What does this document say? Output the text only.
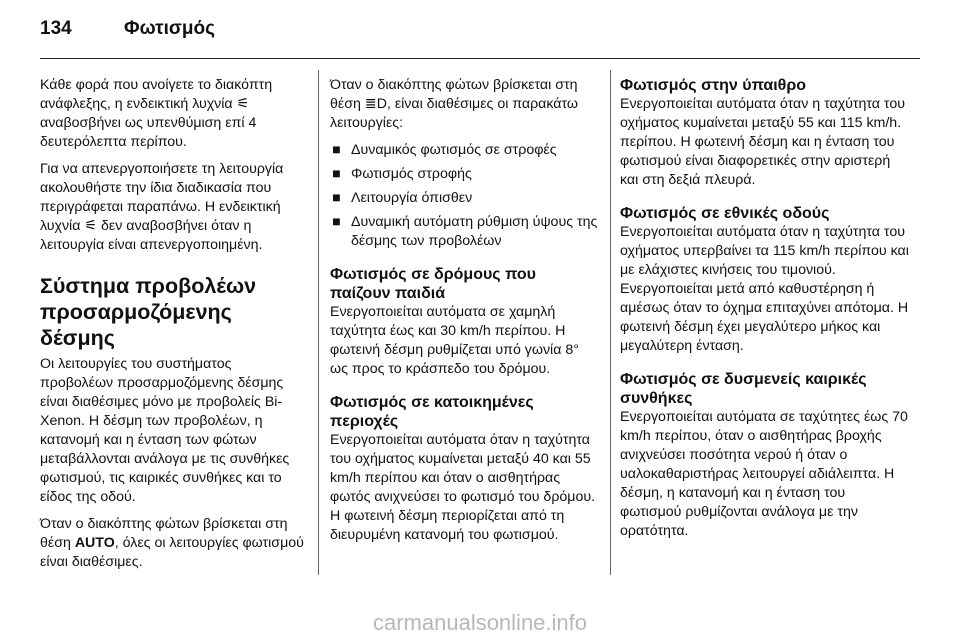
134	Φωτισμός

Κάθε φορά που ανοίγετε το διακόπτη ανάφλεξης, η ενδεικτική λυχνία ⚟ αναβοσβήνει ως υπενθύμιση επί 4 δευτερόλεπτα περίπου.

Για να απενεργοποιήσετε τη λειτουργία ακολουθήστε την ίδια διαδικασία που περιγράφεται παραπάνω. Η ενδεικτική λυχνία ⚟ δεν αναβοσβήνει όταν η λειτουργία είναι απενεργοποιημένη.

Σύστημα προβολέων προσαρμοζόμενης δέσμης

Οι λειτουργίες του συστήματος προβολέων προσαρμοζόμενης δέσμης είναι διαθέσιμες μόνο με προβολείς Bi-Xenon. Η δέσμη των προβολέων, η κατανομή και η ένταση των φώτων μεταβάλλονται ανάλογα με τις συνθήκες φωτισμού, τις καιρικές συνθήκες και το είδος της οδού.

Όταν ο διακόπτης φώτων βρίσκεται στη θέση AUTO, όλες οι λειτουργίες φωτισμού είναι διαθέσιμες.

Όταν ο διακόπτης φώτων βρίσκεται στη θέση ≣D, είναι διαθέσιμες οι παρακάτω λειτουργίες:

■ Δυναμικός φωτισμός σε στροφές
■ Φωτισμός στροφής
■ Λειτουργία όπισθεν
■ Δυναμική αυτόματη ρύθμιση ύψους της δέσμης των προβολέων
Φωτισμός σε δρόμους που παίζουν παιδιά

Ενεργοποιείται αυτόματα σε χαμηλή ταχύτητα έως και 30 km/h περίπου. Η φωτεινή δέσμη ρυθμίζεται υπό γωνία 8° ως προς το κράσπεδο του δρόμου.

Φωτισμός σε κατοικημένες περιοχές

Ενεργοποιείται αυτόματα όταν η ταχύτητα του οχήματος κυμαίνεται μεταξύ 40 και 55 km/h περίπου και όταν ο αισθητήρας φωτός ανιχνεύσει το φωτισμό του δρόμου. Η φωτεινή δέσμη περιορίζεται από τη διευρυμένη κατανομή του φωτισμού.

Φωτισμός στην ύπαιθρο

Ενεργοποιείται αυτόματα όταν η ταχύτητα του οχήματος κυμαίνεται μεταξύ 55 και 115 km/h. περίπου. Η φωτεινή δέσμη και η ένταση του φωτισμού είναι διαφορετικές στην αριστερή και στη δεξιά πλευρά.

Φωτισμός σε εθνικές οδούς

Ενεργοποιείται αυτόματα όταν η ταχύτητα του οχήματος υπερβαίνει τα 115 km/h περίπου και με ελάχιστες κινήσεις του τιμονιού. Ενεργοποιείται μετά από καθυστέρηση ή αμέσως όταν το όχημα επιταχύνει απότομα. Η φωτεινή δέσμη έχει μεγαλύτερο μήκος και μεγαλύτερη ένταση.

Φωτισμός σε δυσμενείς καιρικές συνθήκες

Ενεργοποιείται αυτόματα σε ταχύτητες έως 70 km/h περίπου, όταν ο αισθητήρας βροχής ανιχνεύσει ποσότητα νερού ή όταν ο υαλοκαθαριστήρας λειτουργεί αδιάλειπτα. Η δέσμη, η κατανομή και η ένταση του φωτισμού ρυθμίζονται ανάλογα με την ορατότητα.

carmanualsonline.info
